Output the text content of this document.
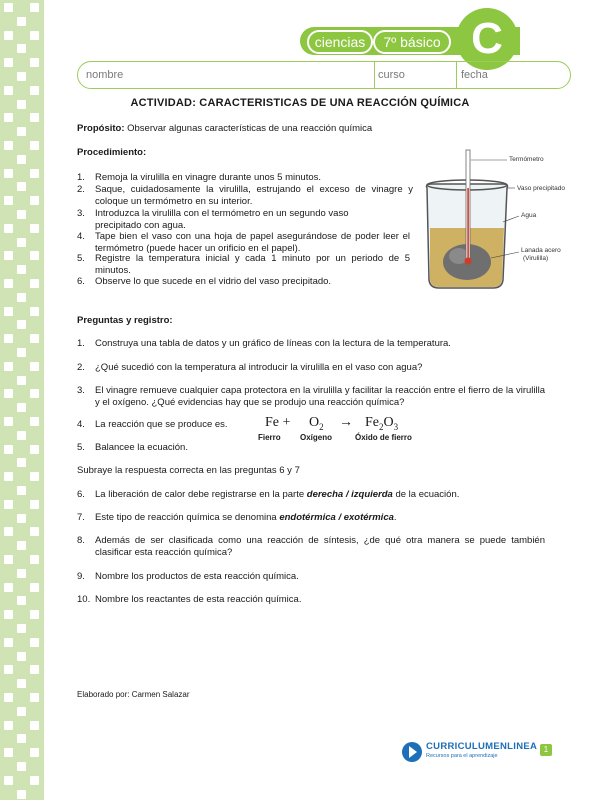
ciencias	7º básico C
nombre	curso	fecha
ACTIVIDAD: CARACTERISTICAS DE UNA REACCIÓN QUÍMICA
Propósito: Observar algunas características de una reacción química
Procedimiento:
1. Remoja la virulilla en vinagre durante unos 5 minutos.
2. Saque, cuidadosamente la virulilla, estrujando el exceso de vinagre y coloque un termómetro en su interior.
3. Introduzca la virulilla con el termómetro en un segundo vaso precipitado con agua.
4. Tape bien el vaso con una hoja de papel asegurándose de poder leer el termómetro (puede hacer un orificio en el papel).
5. Registre la temperatura inicial y cada 1 minuto por un periodo de 5 minutos.
6. Observe lo que sucede en el vidrio del vaso precipitado.
Termómetro
Vaso precipitado
Agua
Lanada acero
(Virulilla)
Preguntas y registro:
1. Construya una tabla de datos y un gráfico de líneas con la lectura de la temperatura.
2. ¿Qué sucedió con la temperatura al introducir la virulilla en el vaso con agua?
3. El vinagre remueve cualquier capa protectora en la virulilla y facilitar la reacción entre el fierro de la virulilla y el oxígeno. ¿Qué evidencias hay que se produjo una reacción química?
4. La reacción que se produce es.	$Fe + O_2 \to Fe_2O_3$
Fierro Oxígeno	Óxido de fierro
5. Balancee la ecuación.
Subraye la respuesta correcta en las preguntas 6 y 7
6. La liberación de calor debe registrarse en la parte derecha / izquierda de la ecuación.
7. Este tipo de reacción química se denomina endotérmica / exotérmica.
8. Además de ser clasificada como una reacción de síntesis, ¿de qué otra manera se puede también clasificar esta reacción química?
9. Nombre los productos de esta reacción química.
10. Nombre los reactantes de esta reacción química.
Elaborado por: Carmen Salazar
CURRICULUMENLINEA
Recursos para el aprendizaje
1
